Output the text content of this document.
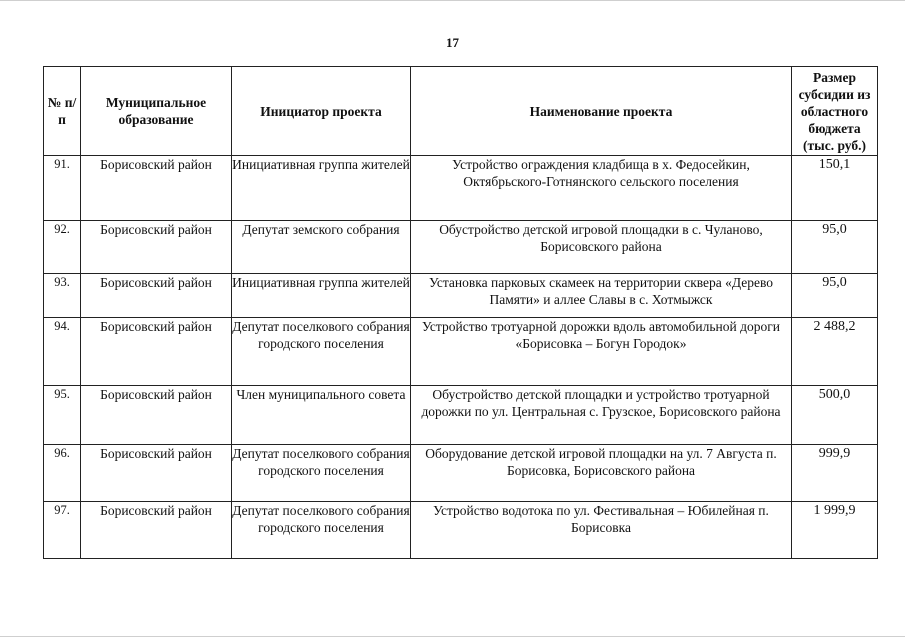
17
№ п/п	Муниципальное образование	Инициатор проекта	Наименование проекта	Размер субсидии из областного бюджета (тыс. руб.)
91.	Борисовский район	Инициативная группа жителей	Устройство ограждения кладбища в х. Федосейкин, Октябрьского-Готнянского сельского поселения	150,1
92.	Борисовский район	Депутат земского собрания	Обустройство детской игровой площадки в с. Чуланово, Борисовского района	95,0
93.	Борисовский район	Инициативная группа жителей	Установка парковых скамеек на территории сквера «Дерево Памяти» и аллее Славы в с. Хотмыжск	95,0
94.	Борисовский район	Депутат поселкового собрания городского поселения	Устройство тротуарной дорожки вдоль автомобильной дороги «Борисовка – Богун Городок»	2 488,2
95.	Борисовский район	Член муниципального совета	Обустройство детской площадки и устройство тротуарной дорожки по ул. Центральная с. Грузское, Борисовского района	500,0
96.	Борисовский район	Депутат поселкового собрания городского поселения	Оборудование детской игровой площадки на ул. 7 Августа п. Борисовка, Борисовского района	999,9
97.	Борисовский район	Депутат поселкового собрания городского поселения	Устройство водотока по ул. Фестивальная – Юбилейная п. Борисовка	1 999,9
